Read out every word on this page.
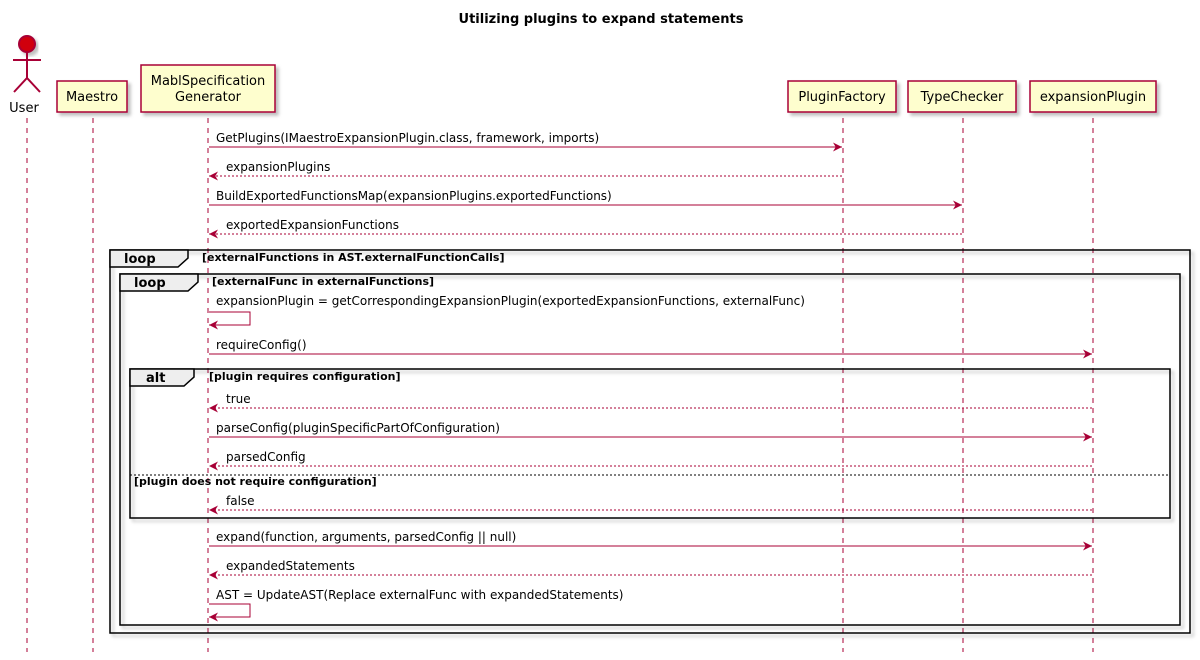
Utilizing plugins to expand statements
loop	[externalFunctions in AST.externalFunctionCalls]
loop	[externalFunc in externalFunctions]
alt	[plugin requires configuration]
[plugin does not require configuration]
GetPlugins(IMaestroExpansionPlugin.class, framework, imports)
expansionPlugins
BuildExportedFunctionsMap(expansionPlugins.exportedFunctions)
exportedExpansionFunctions
expansionPlugin = getCorrespondingExpansionPlugin(exportedExpansionFunctions, externalFunc)
requireConfig()
true
parseConfig(pluginSpecificPartOfConfiguration)
parsedConfig
false
expand(function, arguments, parsedConfig || null)
expandedStatements
AST = UpdateAST(Replace externalFunc with expandedStatements)
User
Maestro
MablSpecification
Generator	PluginFactory	TypeChecker	expansionPlugin
